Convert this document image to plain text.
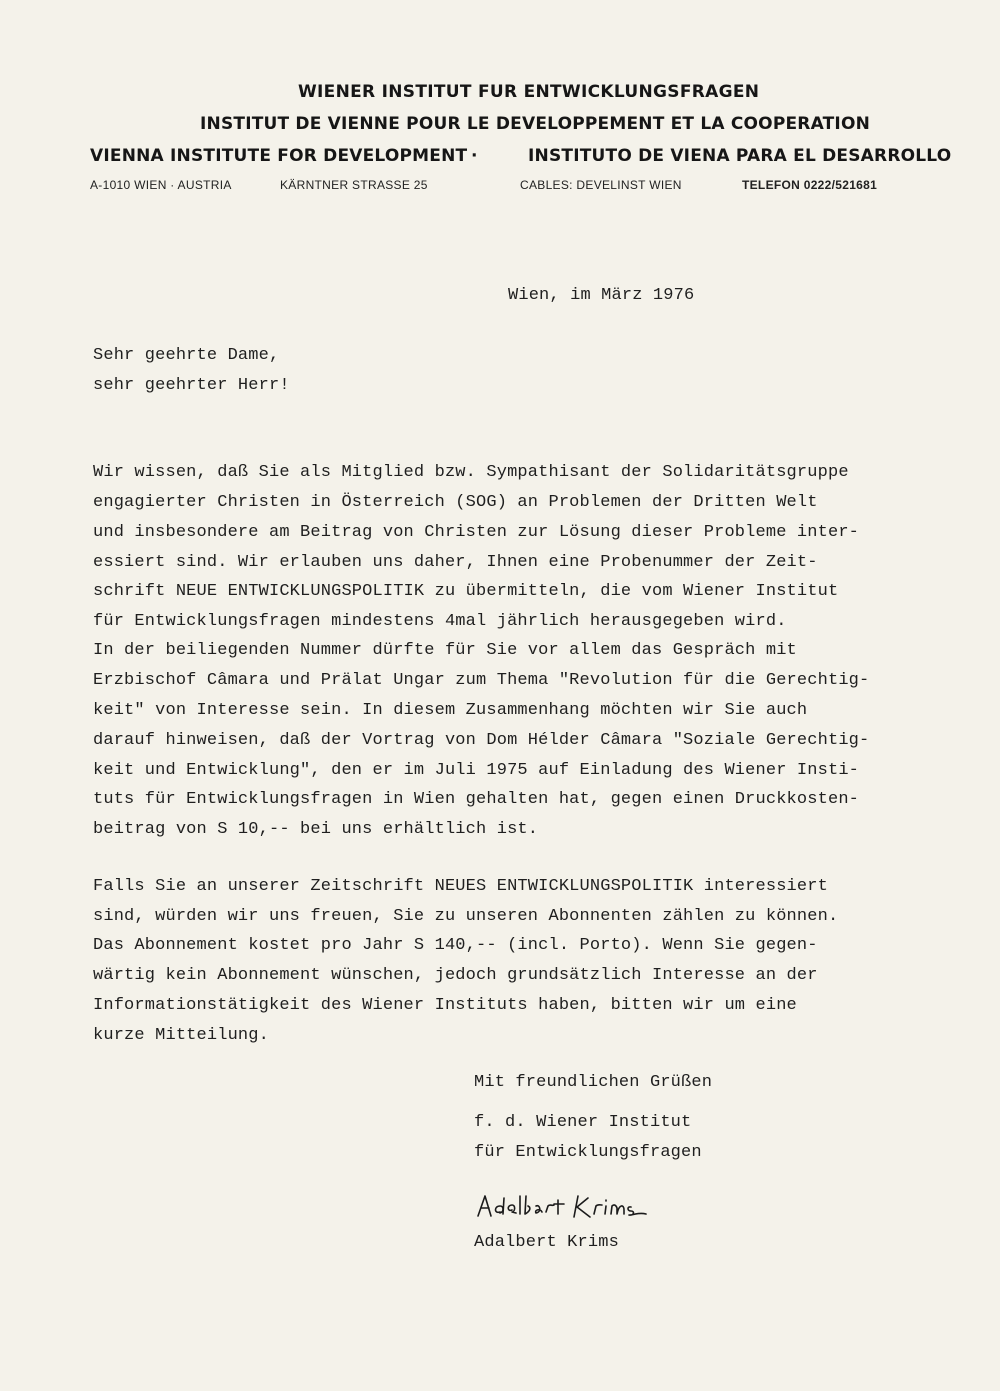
WIENER INSTITUT FUR ENTWICKLUNGSFRAGEN
INSTITUT DE VIENNE POUR LE DEVELOPPEMENT ET LA COOPERATION
VIENNA INSTITUTE FOR DEVELOPMENT ·	INSTITUTO DE VIENA PARA EL DESARROLLO
A-1010 WIEN · AUSTRIA	KÄRNTNER STRASSE 25	CABLES: DEVELINST WIEN	TELEFON 0222/521681
Wien, im März 1976
Sehr geehrte Dame,
sehr geehrter Herr!
Wir wissen, daß Sie als Mitglied bzw. Sympathisant der Solidaritätsgruppe
engagierter Christen in Österreich (SOG) an Problemen der Dritten Welt
und insbesondere am Beitrag von Christen zur Lösung dieser Probleme inter-
essiert sind. Wir erlauben uns daher, Ihnen eine Probenummer der Zeit-
schrift NEUE ENTWICKLUNGSPOLITIK zu übermitteln, die vom Wiener Institut
für Entwicklungsfragen mindestens 4mal jährlich herausgegeben wird.
In der beiliegenden Nummer dürfte für Sie vor allem das Gespräch mit
Erzbischof Câmara und Prälat Ungar zum Thema "Revolution für die Gerechtig-
keit" von Interesse sein. In diesem Zusammenhang möchten wir Sie auch
darauf hinweisen, daß der Vortrag von Dom Hélder Câmara "Soziale Gerechtig-
keit und Entwicklung", den er im Juli 1975 auf Einladung des Wiener Insti-
tuts für Entwicklungsfragen in Wien gehalten hat, gegen einen Druckkosten-
beitrag von S 10,-- bei uns erhältlich ist.
Falls Sie an unserer Zeitschrift NEUES ENTWICKLUNGSPOLITIK interessiert
sind, würden wir uns freuen, Sie zu unseren Abonnenten zählen zu können.
Das Abonnement kostet pro Jahr S 140,-- (incl. Porto). Wenn Sie gegen-
wärtig kein Abonnement wünschen, jedoch grundsätzlich Interesse an der
Informationstätigkeit des Wiener Instituts haben, bitten wir um eine
kurze Mitteilung.
Mit freundlichen Grüßen
f. d. Wiener Institut
für Entwicklungsfragen
Adalbert Krims
